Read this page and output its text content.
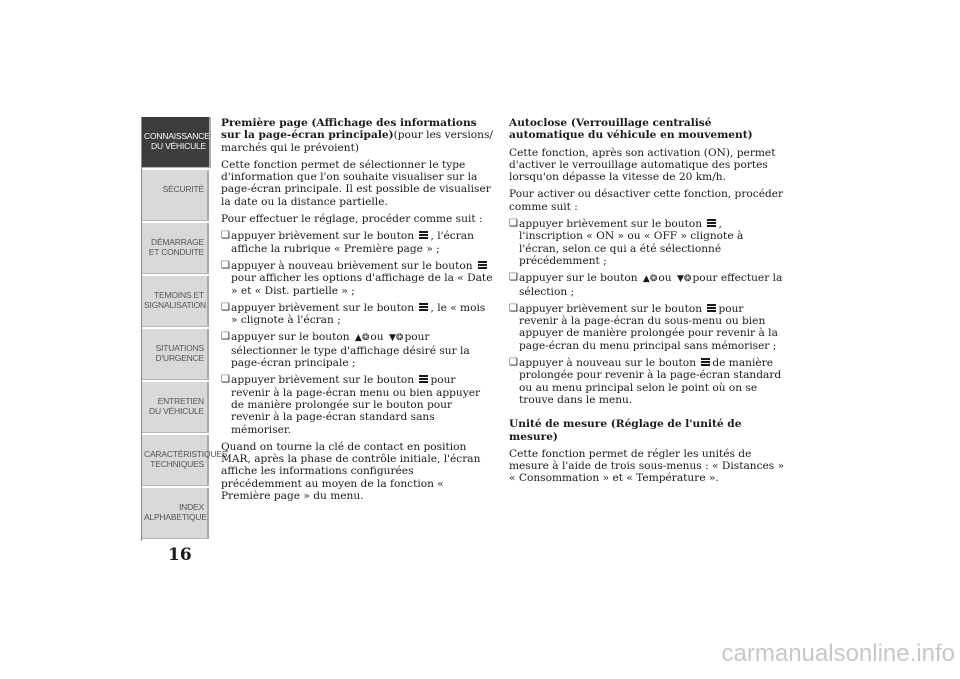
CONNAISSANCE DU VÉHICULE
SÉCURITÉ
DÉMARRAGE ET CONDUITE
TEMOINS ET SIGNALISATION
SITUATIONS D'URGENCE
ENTRETIEN DU VÉHICULE
CARACTÉRISTIQUES TECHNIQUES
INDEX ALPHABETIQUE
16

Première page (Affichage des informations sur la page-écran principale)(pour les versions/ marchés qui le prévoient)

Cette fonction permet de sélectionner le type d'information que l'on souhaite visualiser sur la page-écran principale. Il est possible de visualiser la date ou la distance partielle.

Pour effectuer le réglage, procéder comme suit :

❑ appuyer brièvement sur le bouton , l'écran affiche la rubrique « Première page » ;
❑ appuyer à nouveau brièvement sur le bouton
pour afficher les options d'affichage de la « Date » et « Dist. partielle » ;
❑ appuyer brièvement sur le bouton , le « mois » clignote à l'écran ;
❑ appuyer sur le bouton ▲❂ou ▼❂pour sélectionner le type d'affichage désiré sur la page-écran principale ;
❑ appuyer brièvement sur le bouton pour revenir à la page-écran menu ou bien appuyer de manière prolongée sur le bouton pour revenir à la page-écran standard sans mémoriser.

Quand on tourne la clé de contact en position MAR, après la phase de contrôle initiale, l'écran affiche les informations configurées précédemment au moyen de la fonction « Première page » du menu.

Autoclose (Verrouillage centralisé automatique du véhicule en mouvement)

Cette fonction, après son activation (ON), permet d'activer le verrouillage automatique des portes lorsqu'on dépasse la vitesse de 20 km/h.

Pour activer ou désactiver cette fonction, procéder comme suit :

❑ appuyer brièvement sur le bouton , l'inscription « ON » ou « OFF » clignote à l'écran, selon ce qui a été sélectionné précédemment ;
❑ appuyer sur le bouton ▲❂ou ▼❂pour effectuer la sélection ;
❑ appuyer brièvement sur le bouton pour revenir à la page-écran du sous-menu ou bien appuyer de manière prolongée pour revenir à la page-écran du menu principal sans mémoriser ;
❑ appuyer à nouveau sur le bouton de manière prolongée pour revenir à la page-écran standard ou au menu principal selon le point où on se trouve dans le menu.

Unité de mesure (Réglage de l'unité de mesure)

Cette fonction permet de régler les unités de mesure à l'aide de trois sous-menus : « Distances » « Consommation » et « Température ».

carmanualsonline.info
